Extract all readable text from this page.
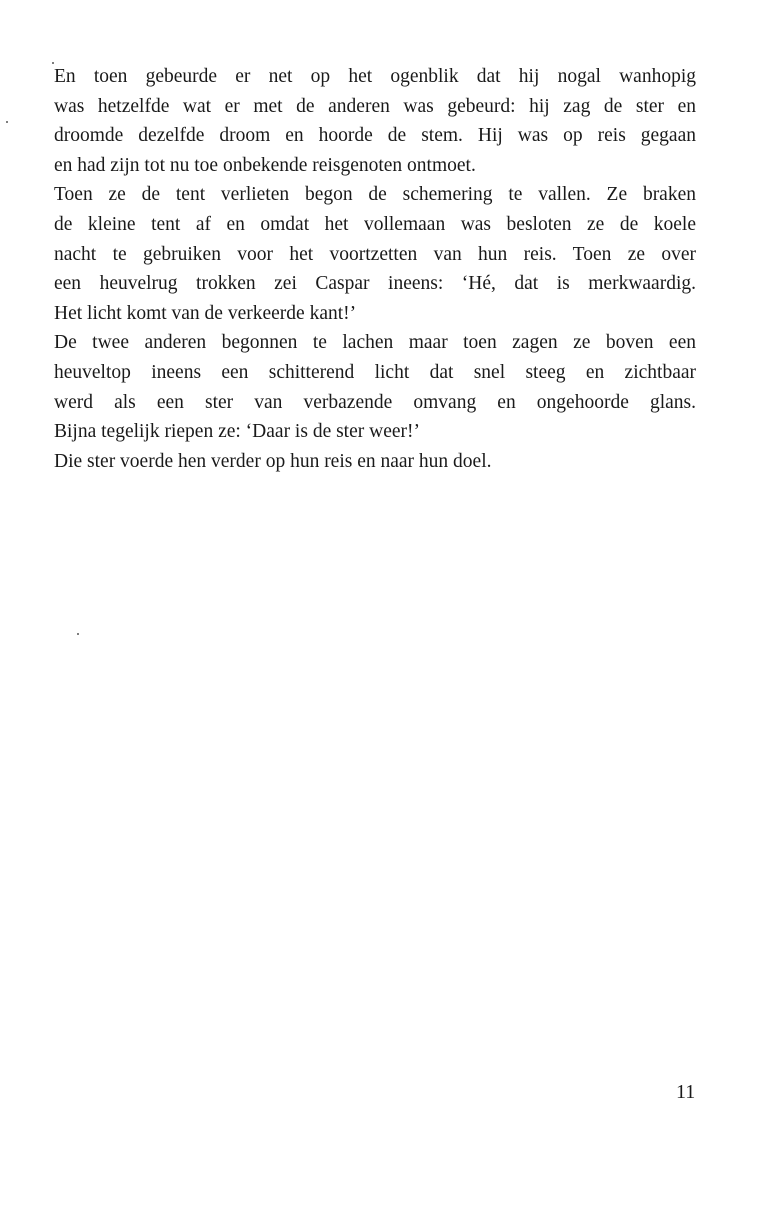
En toen gebeurde er net op het ogenblik dat hij nogal wanhopig
was hetzelfde wat er met de anderen was gebeurd: hij zag de ster en
droomde dezelfde droom en hoorde de stem. Hij was op reis gegaan
en had zijn tot nu toe onbekende reisgenoten ontmoet.
Toen ze de tent verlieten begon de schemering te vallen. Ze braken
de kleine tent af en omdat het vollemaan was besloten ze de koele
nacht te gebruiken voor het voortzetten van hun reis. Toen ze over
een heuvelrug trokken zei Caspar ineens: ‘Hé, dat is merkwaardig.
Het licht komt van de verkeerde kant!’
De twee anderen begonnen te lachen maar toen zagen ze boven een
heuveltop ineens een schitterend licht dat snel steeg en zichtbaar
werd als een ster van verbazende omvang en ongehoorde glans.
Bijna tegelijk riepen ze: ‘Daar is de ster weer!’
Die ster voerde hen verder op hun reis en naar hun doel.
11
